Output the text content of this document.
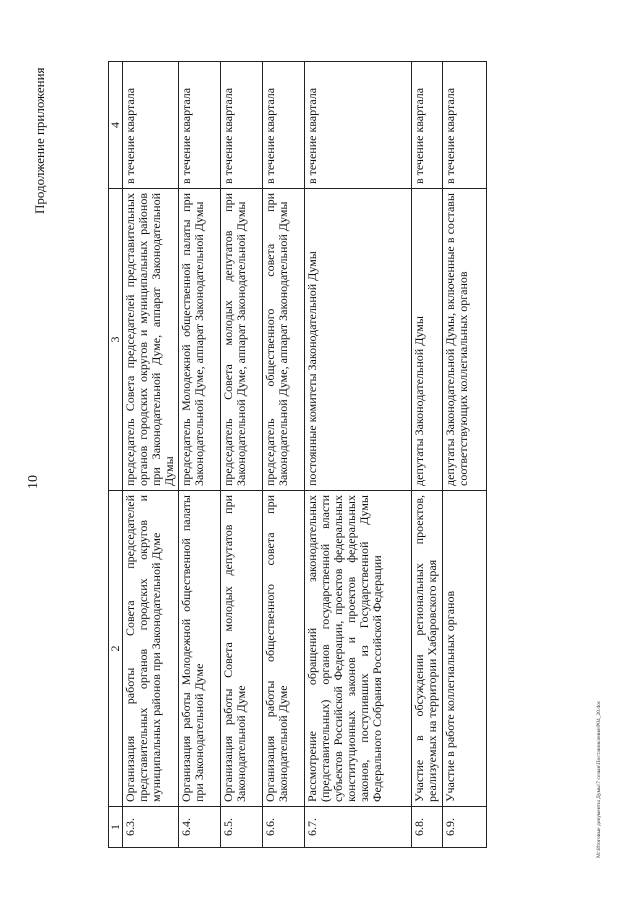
Продолжение приложения
10
M:\Итоговые документы Думы\7 созыв\Постановления\P04_20.doc
1	2	3	4
6.3.	Организация работы Совета председателей представительных органов городских округов и муниципальных районов при Законодательной Думе	председатель Совета председателей представительных органов городских округов и муниципальных районов при Законодательной Думе, аппарат Законодательной Думы	в течение квартала
6.4.	Организация работы Молодежной общественной палаты при Законодательной Думе	председатель Молодежной общественной палаты при Законодательной Думе, аппарат Законодательной Думы	в течение квартала
6.5.	Организация работы Совета молодых депутатов при Законодательной Думе	председатель Совета молодых депутатов при Законодательной Думе, аппарат Законодательной Думы	в течение квартала
6.6.	Организация работы общественного совета при Законодательной Думе	председатель общественного совета при Законодательной Думе, аппарат Законодательной Думы	в течение квартала
6.7.	Рассмотрение обращений законодательных (представительных) органов государственной власти субъектов Российской Федерации, проектов федеральных конституционных законов и проектов федеральных законов, поступивших из Государственной Думы Федерального Собрания Российской Федерации	постоянные комитеты Законодательной Думы	в течение квартала
6.8.	Участие в обсуждении региональных проектов, реализуемых на территории Хабаровского края	депутаты Законодательной Думы	в течение квартала
6.9.	Участие в работе коллегиальных органов	депутаты Законодательной Думы, включенные в составы соответствующих коллегиальных органов	в течение квартала
